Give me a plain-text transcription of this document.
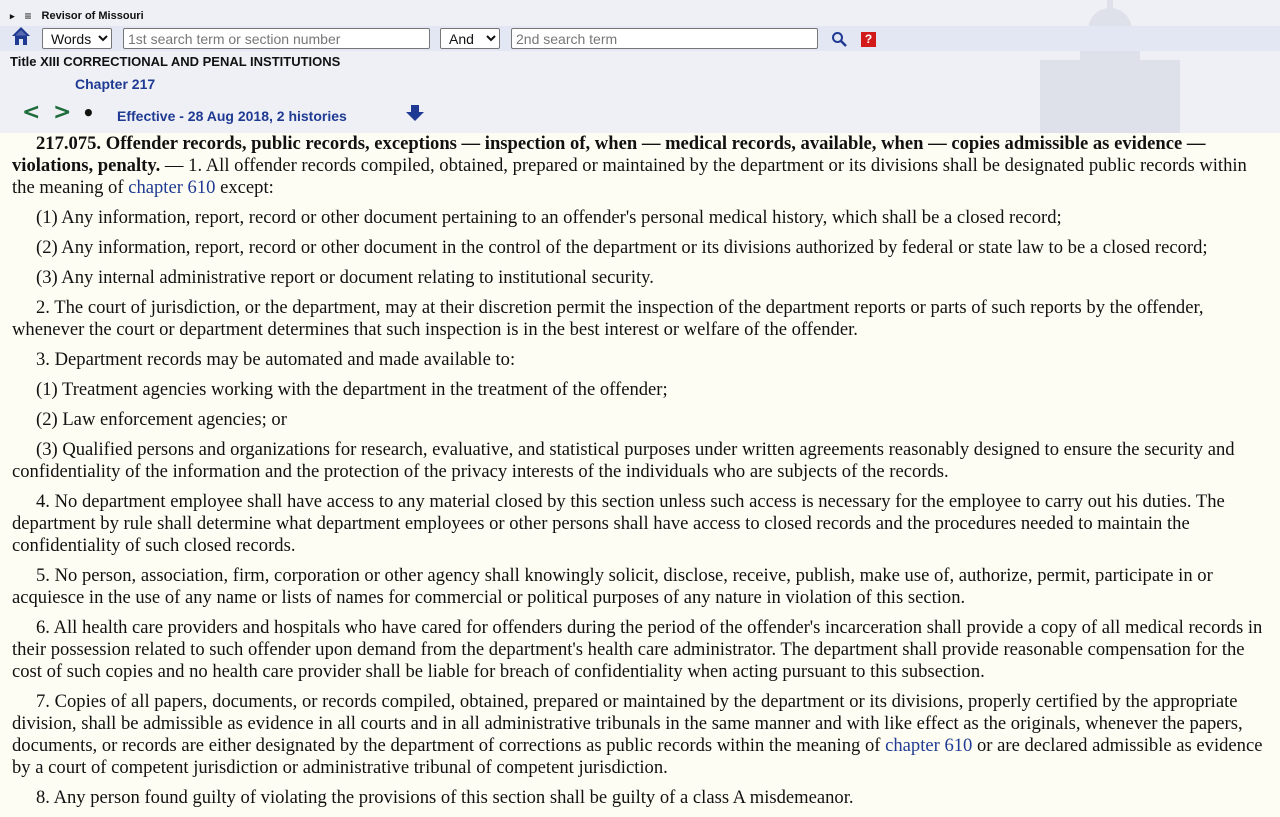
▸ ≡ Revisor of Missouri
Words
1st search term or section number
And
2nd search term
?
Title XIII CORRECTIONAL AND PENAL INSTITUTIONS
Chapter 217
< > • Effective - 28 Aug 2018, 2 histories

217.075. Offender records, public records, exceptions — inspection of, when — medical records, available, when — copies admissible as evidence — violations, penalty. — 1. All offender records compiled, obtained, prepared or maintained by the department or its divisions shall be designated public records within the meaning of chapter 610 except:

(1) Any information, report, record or other document pertaining to an offender's personal medical history, which shall be a closed record;

(2) Any information, report, record or other document in the control of the department or its divisions authorized by federal or state law to be a closed record;

(3) Any internal administrative report or document relating to institutional security.

2. The court of jurisdiction, or the department, may at their discretion permit the inspection of the department reports or parts of such reports by the offender, whenever the court or department determines that such inspection is in the best interest or welfare of the offender.

3. Department records may be automated and made available to:

(1) Treatment agencies working with the department in the treatment of the offender;

(2) Law enforcement agencies; or

(3) Qualified persons and organizations for research, evaluative, and statistical purposes under written agreements reasonably designed to ensure the security and confidentiality of the information and the protection of the privacy interests of the individuals who are subjects of the records.

4. No department employee shall have access to any material closed by this section unless such access is necessary for the employee to carry out his duties. The department by rule shall determine what department employees or other persons shall have access to closed records and the procedures needed to maintain the confidentiality of such closed records.

5. No person, association, firm, corporation or other agency shall knowingly solicit, disclose, receive, publish, make use of, authorize, permit, participate in or acquiesce in the use of any name or lists of names for commercial or political purposes of any nature in violation of this section.

6. All health care providers and hospitals who have cared for offenders during the period of the offender's incarceration shall provide a copy of all medical records in their possession related to such offender upon demand from the department's health care administrator. The department shall provide reasonable compensation for the cost of such copies and no health care provider shall be liable for breach of confidentiality when acting pursuant to this subsection.

7. Copies of all papers, documents, or records compiled, obtained, prepared or maintained by the department or its divisions, properly certified by the appropriate division, shall be admissible as evidence in all courts and in all administrative tribunals in the same manner and with like effect as the originals, whenever the papers, documents, or records are either designated by the department of corrections as public records within the meaning of chapter 610 or are declared admissible as evidence by a court of competent jurisdiction or administrative tribunal of competent jurisdiction.

8. Any person found guilty of violating the provisions of this section shall be guilty of a class A misdemeanor.
